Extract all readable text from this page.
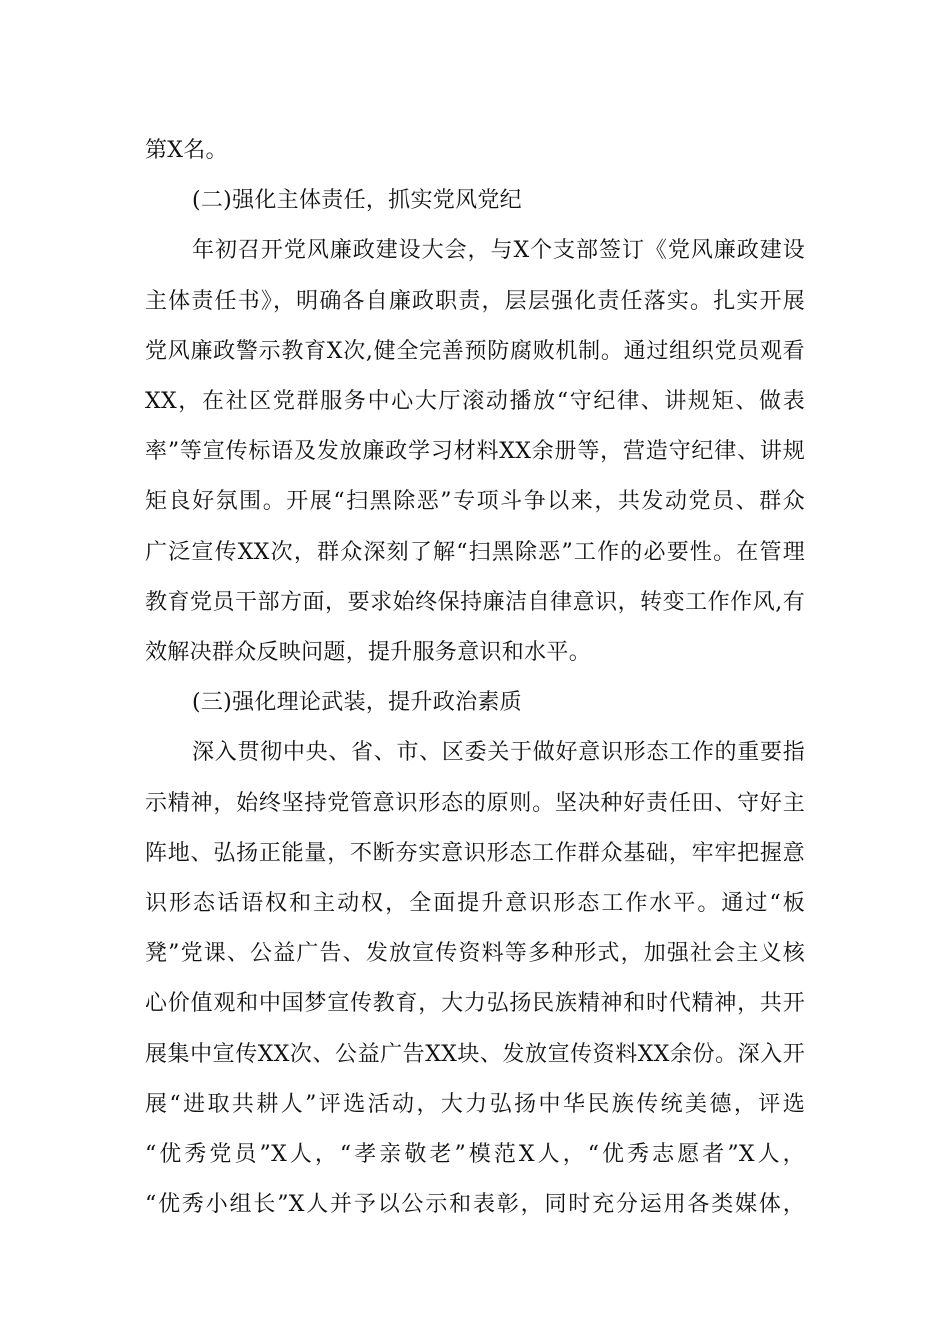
第X名。
(二)强化主体责任，抓实党风党纪
年初召开党风廉政建设大会，与X个支部签订《党风廉政建设
主体责任书》，明确各自廉政职责，层层强化责任落实。扎实开展
党风廉政警示教育X次,健全完善预防腐败机制。通过组织党员观看
XX，在社区党群服务中心大厅滚动播放“守纪律、讲规矩、做表
率”等宣传标语及发放廉政学习材料XX余册等，营造守纪律、讲规
矩良好氛围。开展“扫黑除恶”专项斗争以来，共发动党员、群众
广泛宣传XX次，群众深刻了解“扫黑除恶”工作的必要性。在管理
教育党员干部方面，要求始终保持廉洁自律意识，转变工作作风,有
效解决群众反映问题，提升服务意识和水平。
(三)强化理论武装，提升政治素质
深入贯彻中央、省、市、区委关于做好意识形态工作的重要指
示精神，始终坚持党管意识形态的原则。坚决种好责任田、守好主
阵地、弘扬正能量，不断夯实意识形态工作群众基础，牢牢把握意
识形态话语权和主动权，全面提升意识形态工作水平。通过“板
凳”党课、公益广告、发放宣传资料等多种形式，加强社会主义核
心价值观和中国梦宣传教育，大力弘扬民族精神和时代精神，共开
展集中宣传XX次、公益广告XX块、发放宣传资料XX余份。深入开
展“进取共耕人”评选活动，大力弘扬中华民族传统美德，评选
“优秀党员”X人，“孝亲敬老”模范X人，“优秀志愿者”X人，
“优秀小组长”X人并予以公示和表彰，同时充分运用各类媒体，
